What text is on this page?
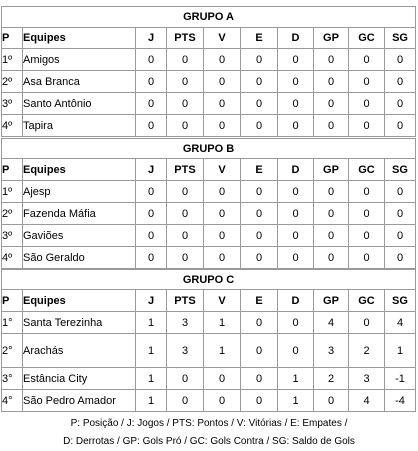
GRUPO A									
P	Equipes	J	PTS	V	E	D	GP	GC	SG
1º	Amigos	0	0	0	0	0	0	0	0
2º	Asa Branca	0	0	0	0	0	0	0	0
3º	Santo Antônio	0	0	0	0	0	0	0	0
4º	Tapira	0	0	0	0	0	0	0	0
GRUPO B									
P	Equipes	J	PTS	V	E	D	GP	GC	SG
1º	Ajesp	0	0	0	0	0	0	0	0
2º	Fazenda Máfia	0	0	0	0	0	0	0	0
3º	Gaviões	0	0	0	0	0	0	0	0
4º	São Geraldo	0	0	0	0	0	0	0	0
GRUPO C									
P	Equipes	J	PTS	V	E	D	GP	GC	SG
1°	Santa Terezinha	1	3	1	0	0	4	0	4
2°	Arachás	1	3	1	0	0	3	2	1
3°	Estância City	1	0	0	0	1	2	3	-1
4°	São Pedro Amador	1	0	0	0	1	0	4	-4
P: Posição / J: Jogos / PTS: Pontos / V: Vitórias / E: Empates /
D: Derrotas / GP: Gols Pró / GC: Gols Contra / SG: Saldo de Gols
